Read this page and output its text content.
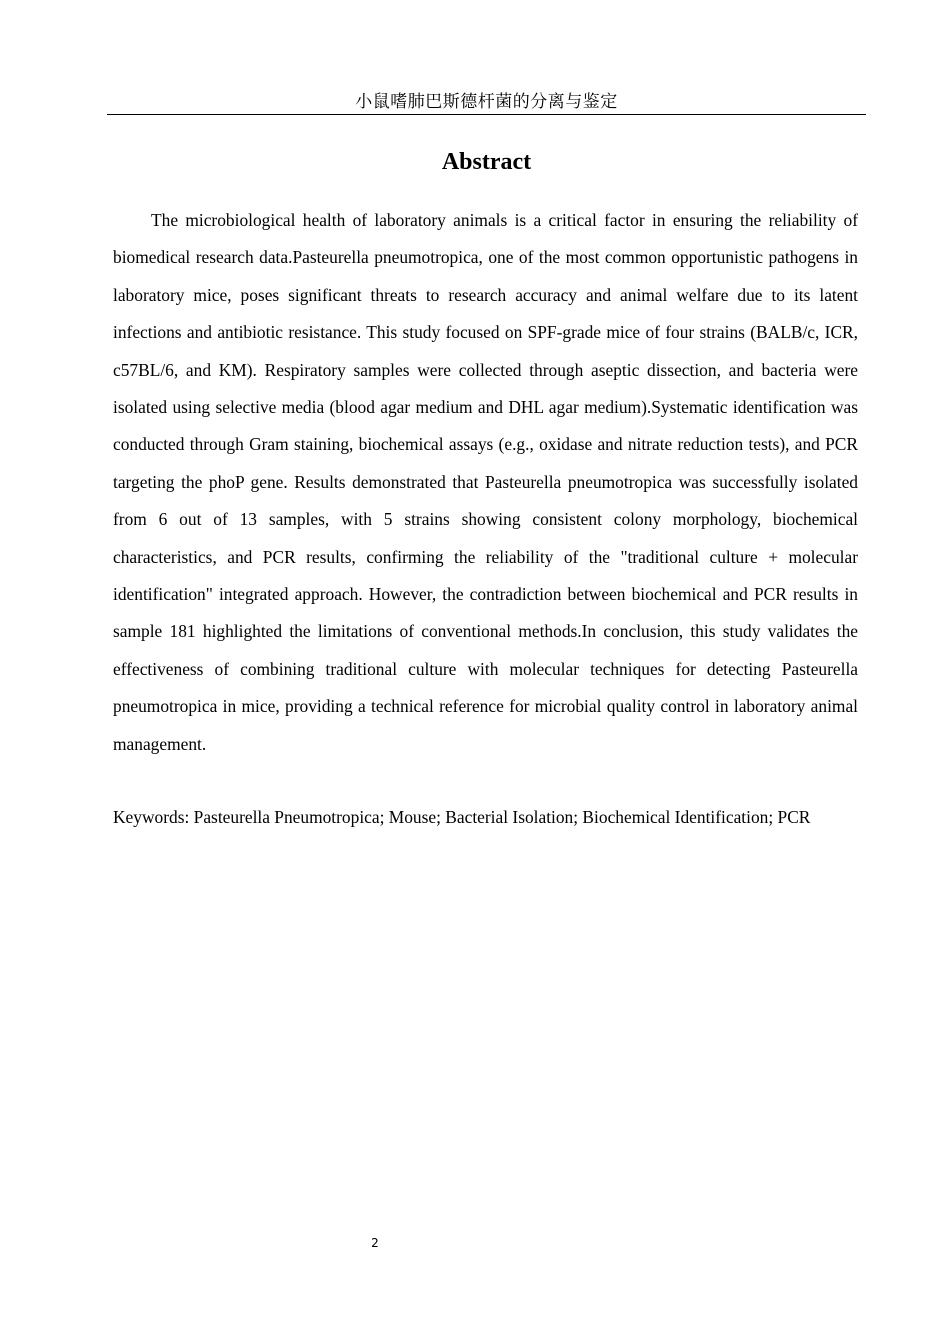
小鼠嗜肺巴斯德杆菌的分离与鉴定
Abstract

The microbiological health of laboratory animals is a critical factor in ensuring the reliability of biomedical research data.Pasteurella pneumotropica, one of the most common opportunistic pathogens in laboratory mice, poses significant threats to research accuracy and animal welfare due to its latent infections and antibiotic resistance. This study focused on SPF-grade mice of four strains (BALB/c, ICR, c57BL/6, and KM). Respiratory samples were collected through aseptic dissection, and bacteria were isolated using selective media (blood agar medium and DHL agar medium).Systematic identification was conducted through Gram staining, biochemical assays (e.g., oxidase and nitrate reduction tests), and PCR targeting the phoP gene. Results demonstrated that Pasteurella pneumotropica was successfully isolated from 6 out of 13 samples, with 5 strains showing consistent colony morphology, biochemical characteristics, and PCR results, confirming the reliability of the "traditional culture + molecular identification" integrated approach. However, the contradiction between biochemical and PCR results in sample 181 highlighted the limitations of conventional methods.In conclusion, this study validates the effectiveness of combining traditional culture with molecular techniques for detecting Pasteurella pneumotropica in mice, providing a technical reference for microbial quality control in laboratory animal management.

Keywords: Pasteurella Pneumotropica; Mouse; Bacterial Isolation; Biochemical Identification; PCR

2
